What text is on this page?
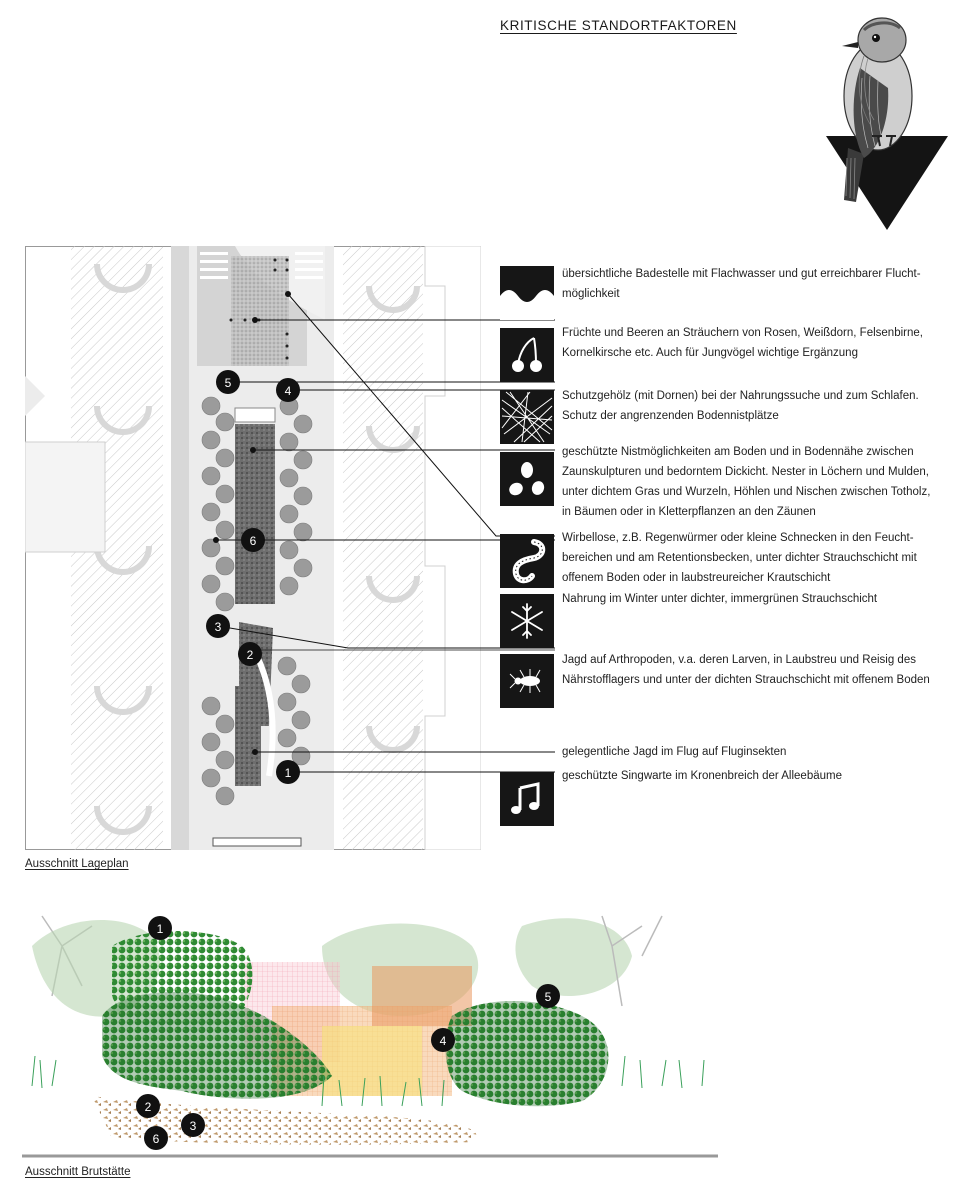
KRITISCHE STANDORTFAKTOREN
5
4
6
3
2
1
übersichtliche Badestelle mit Flachwasser und gut erreichbarer Flucht-
möglichkeit
Früchte und Beeren an Sträuchern von Rosen, Weißdorn, Felsenbirne,
Kornelkirsche etc. Auch für Jungvögel wichtige Ergänzung
Schutzgehölz (mit Dornen) bei der Nahrungssuche und zum Schlafen.
Schutz der angrenzenden Bodennistplätze
geschützte Nistmöglichkeiten am Boden und in Bodennähe zwischen
Zaunskulpturen und bedorntem Dickicht. Nester in Löchern und Mulden,
unter dichtem Gras und Wurzeln, Höhlen und Nischen zwischen Totholz,
in Bäumen oder in Kletterpflanzen an den Zäunen
Wirbellose, z.B. Regenwürmer oder kleine Schnecken in den Feucht-
bereichen und am Retentionsbecken, unter dichter Strauchschicht mit
offenem Boden oder in laubstreureicher Krautschicht
Nahrung im Winter unter dichter, immergrünen Strauchschicht
Jagd auf Arthropoden, v.a. deren Larven, in Laubstreu und Reisig des
Nährstofflagers und unter der dichten Strauchschicht mit offenem Boden
gelegentliche Jagd im Flug auf Fluginsekten
geschützte Singwarte im Kronenbreich der Alleebäume
Ausschnitt Lageplan
1
5
4
2
3
6
Ausschnitt Brutstätte
